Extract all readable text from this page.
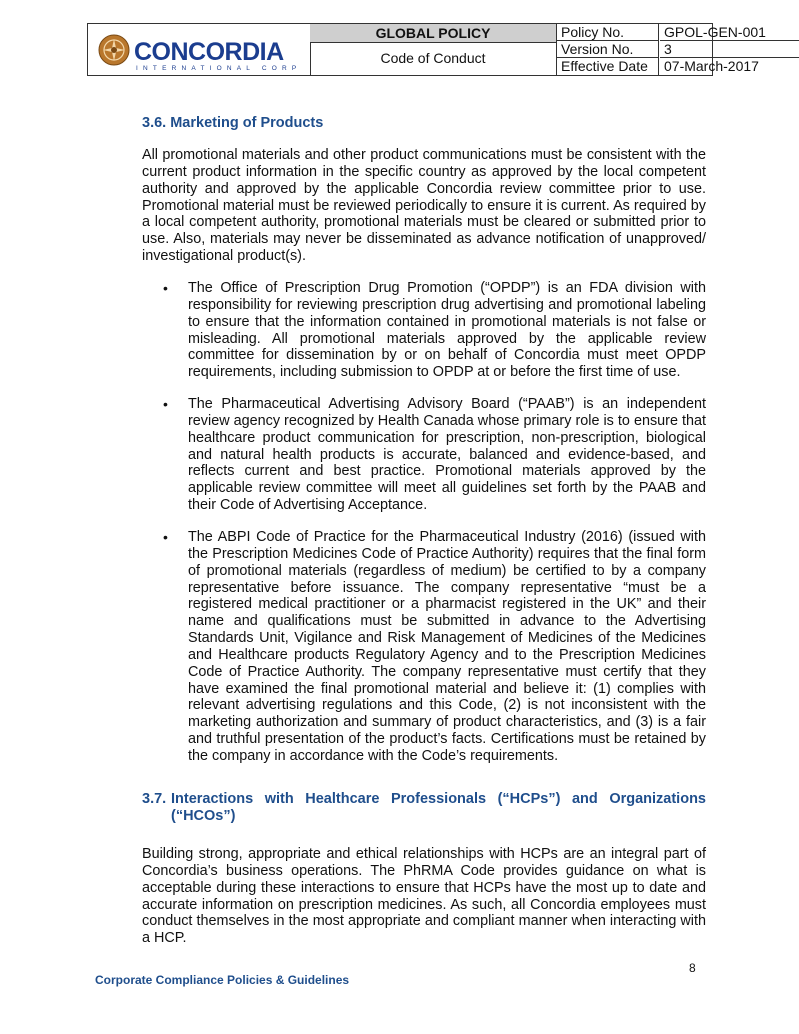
CONCORDIA
INTERNATIONAL CORP
GLOBAL POLICY
Code of Conduct
Policy No.	GPOL-GEN-001
Version No.	3
Effective Date	07-March-2017
3.6. Marketing of Products
All promotional materials and other product communications must be consistent with the current product information in the specific country as approved by the local competent authority and approved by the applicable Concordia review committee prior to use. Promotional material must be reviewed periodically to ensure it is current. As required by a local competent authority, promotional materials must be cleared or submitted prior to use. Also, materials may never be disseminated as advance notification of unapproved/ investigational product(s).
• The Office of Prescription Drug Promotion (“OPDP”) is an FDA division with responsibility for reviewing prescription drug advertising and promotional labeling to ensure that the information contained in promotional materials is not false or misleading. All promotional materials approved by the applicable review committee for dissemination by or on behalf of Concordia must meet OPDP requirements, including submission to OPDP at or before the first time of use.
• The Pharmaceutical Advertising Advisory Board (“PAAB”) is an independent review agency recognized by Health Canada whose primary role is to ensure that healthcare product communication for prescription, non-prescription, biological and natural health products is accurate, balanced and evidence-based, and reflects current and best practice. Promotional materials approved by the applicable review committee will meet all guidelines set forth by the PAAB and their Code of Advertising Acceptance.
• The ABPI Code of Practice for the Pharmaceutical Industry (2016) (issued with the Prescription Medicines Code of Practice Authority) requires that the final form of promotional materials (regardless of medium) be certified to by a company representative before issuance. The company representative “must be a registered medical practitioner or a pharmacist registered in the UK” and their name and qualifications must be submitted in advance to the Advertising Standards Unit, Vigilance and Risk Management of Medicines of the Medicines and Healthcare products Regulatory Agency and to the Prescription Medicines Code of Practice Authority. The company representative must certify that they have examined the final promotional material and believe it: (1) complies with relevant advertising regulations and this Code, (2) is not inconsistent with the marketing authorization and summary of product characteristics, and (3) is a fair and truthful presentation of the product’s facts. Certifications must be retained by the company in accordance with the Code’s requirements.
3.7. Interactions with Healthcare Professionals (“HCPs”) and Organizations
(“HCOs”)
Building strong, appropriate and ethical relationships with HCPs are an integral part of Concordia’s business operations. The PhRMA Code provides guidance on what is acceptable during these interactions to ensure that HCPs have the most up to date and accurate information on prescription medicines. As such, all Concordia employees must conduct themselves in the most appropriate and compliant manner when interacting with a HCP.
8
Corporate Compliance Policies & Guidelines
